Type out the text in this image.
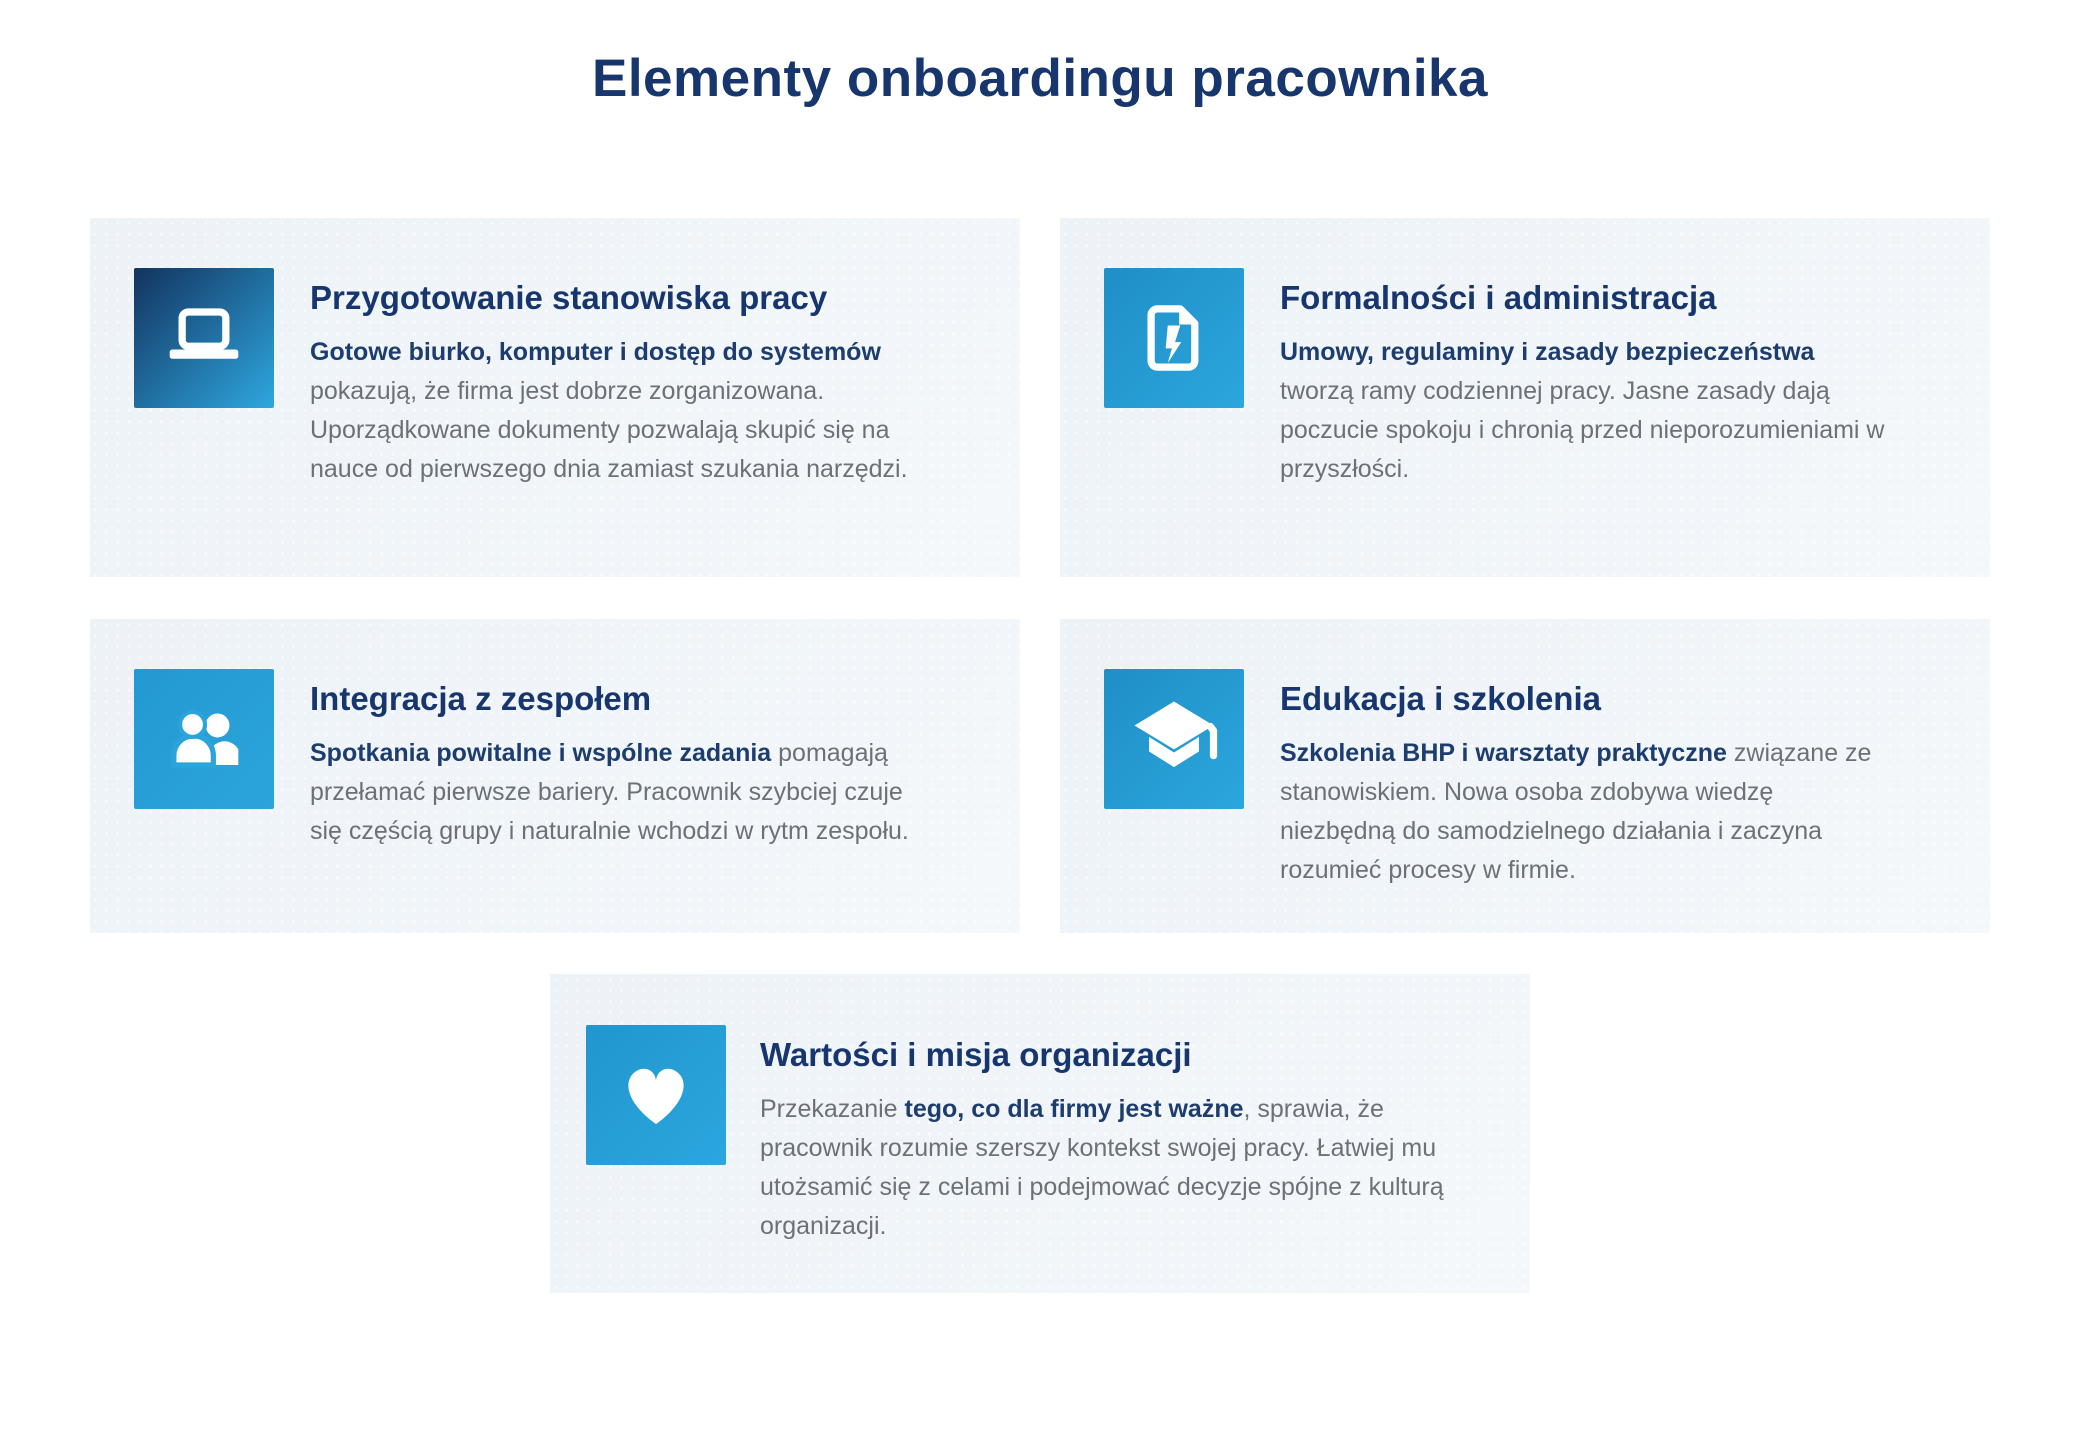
Elementy onboardingu pracownika
Przygotowanie stanowiska pracy

Gotowe biurko, komputer i dostęp do systemów pokazują, że firma jest dobrze zorganizowana. Uporządkowane dokumenty pozwalają skupić się na nauce od pierwszego dnia zamiast szukania narzędzi.

Formalności i administracja

Umowy, regulaminy i zasady bezpieczeństwa tworzą ramy codziennej pracy. Jasne zasady dają poczucie spokoju i chronią przed nieporozumieniami w przyszłości.

Integracja z zespołem

Spotkania powitalne i wspólne zadania pomagają przełamać pierwsze bariery. Pracownik szybciej czuje się częścią grupy i naturalnie wchodzi w rytm zespołu.

Edukacja i szkolenia

Szkolenia BHP i warsztaty praktyczne związane ze stanowiskiem. Nowa osoba zdobywa wiedzę niezbędną do samodzielnego działania i zaczyna rozumieć procesy w firmie.

Wartości i misja organizacji

Przekazanie tego, co dla firmy jest ważne, sprawia, że pracownik rozumie szerszy kontekst swojej pracy. Łatwiej mu utożsamić się z celami i podejmować decyzje spójne z kulturą organizacji.
